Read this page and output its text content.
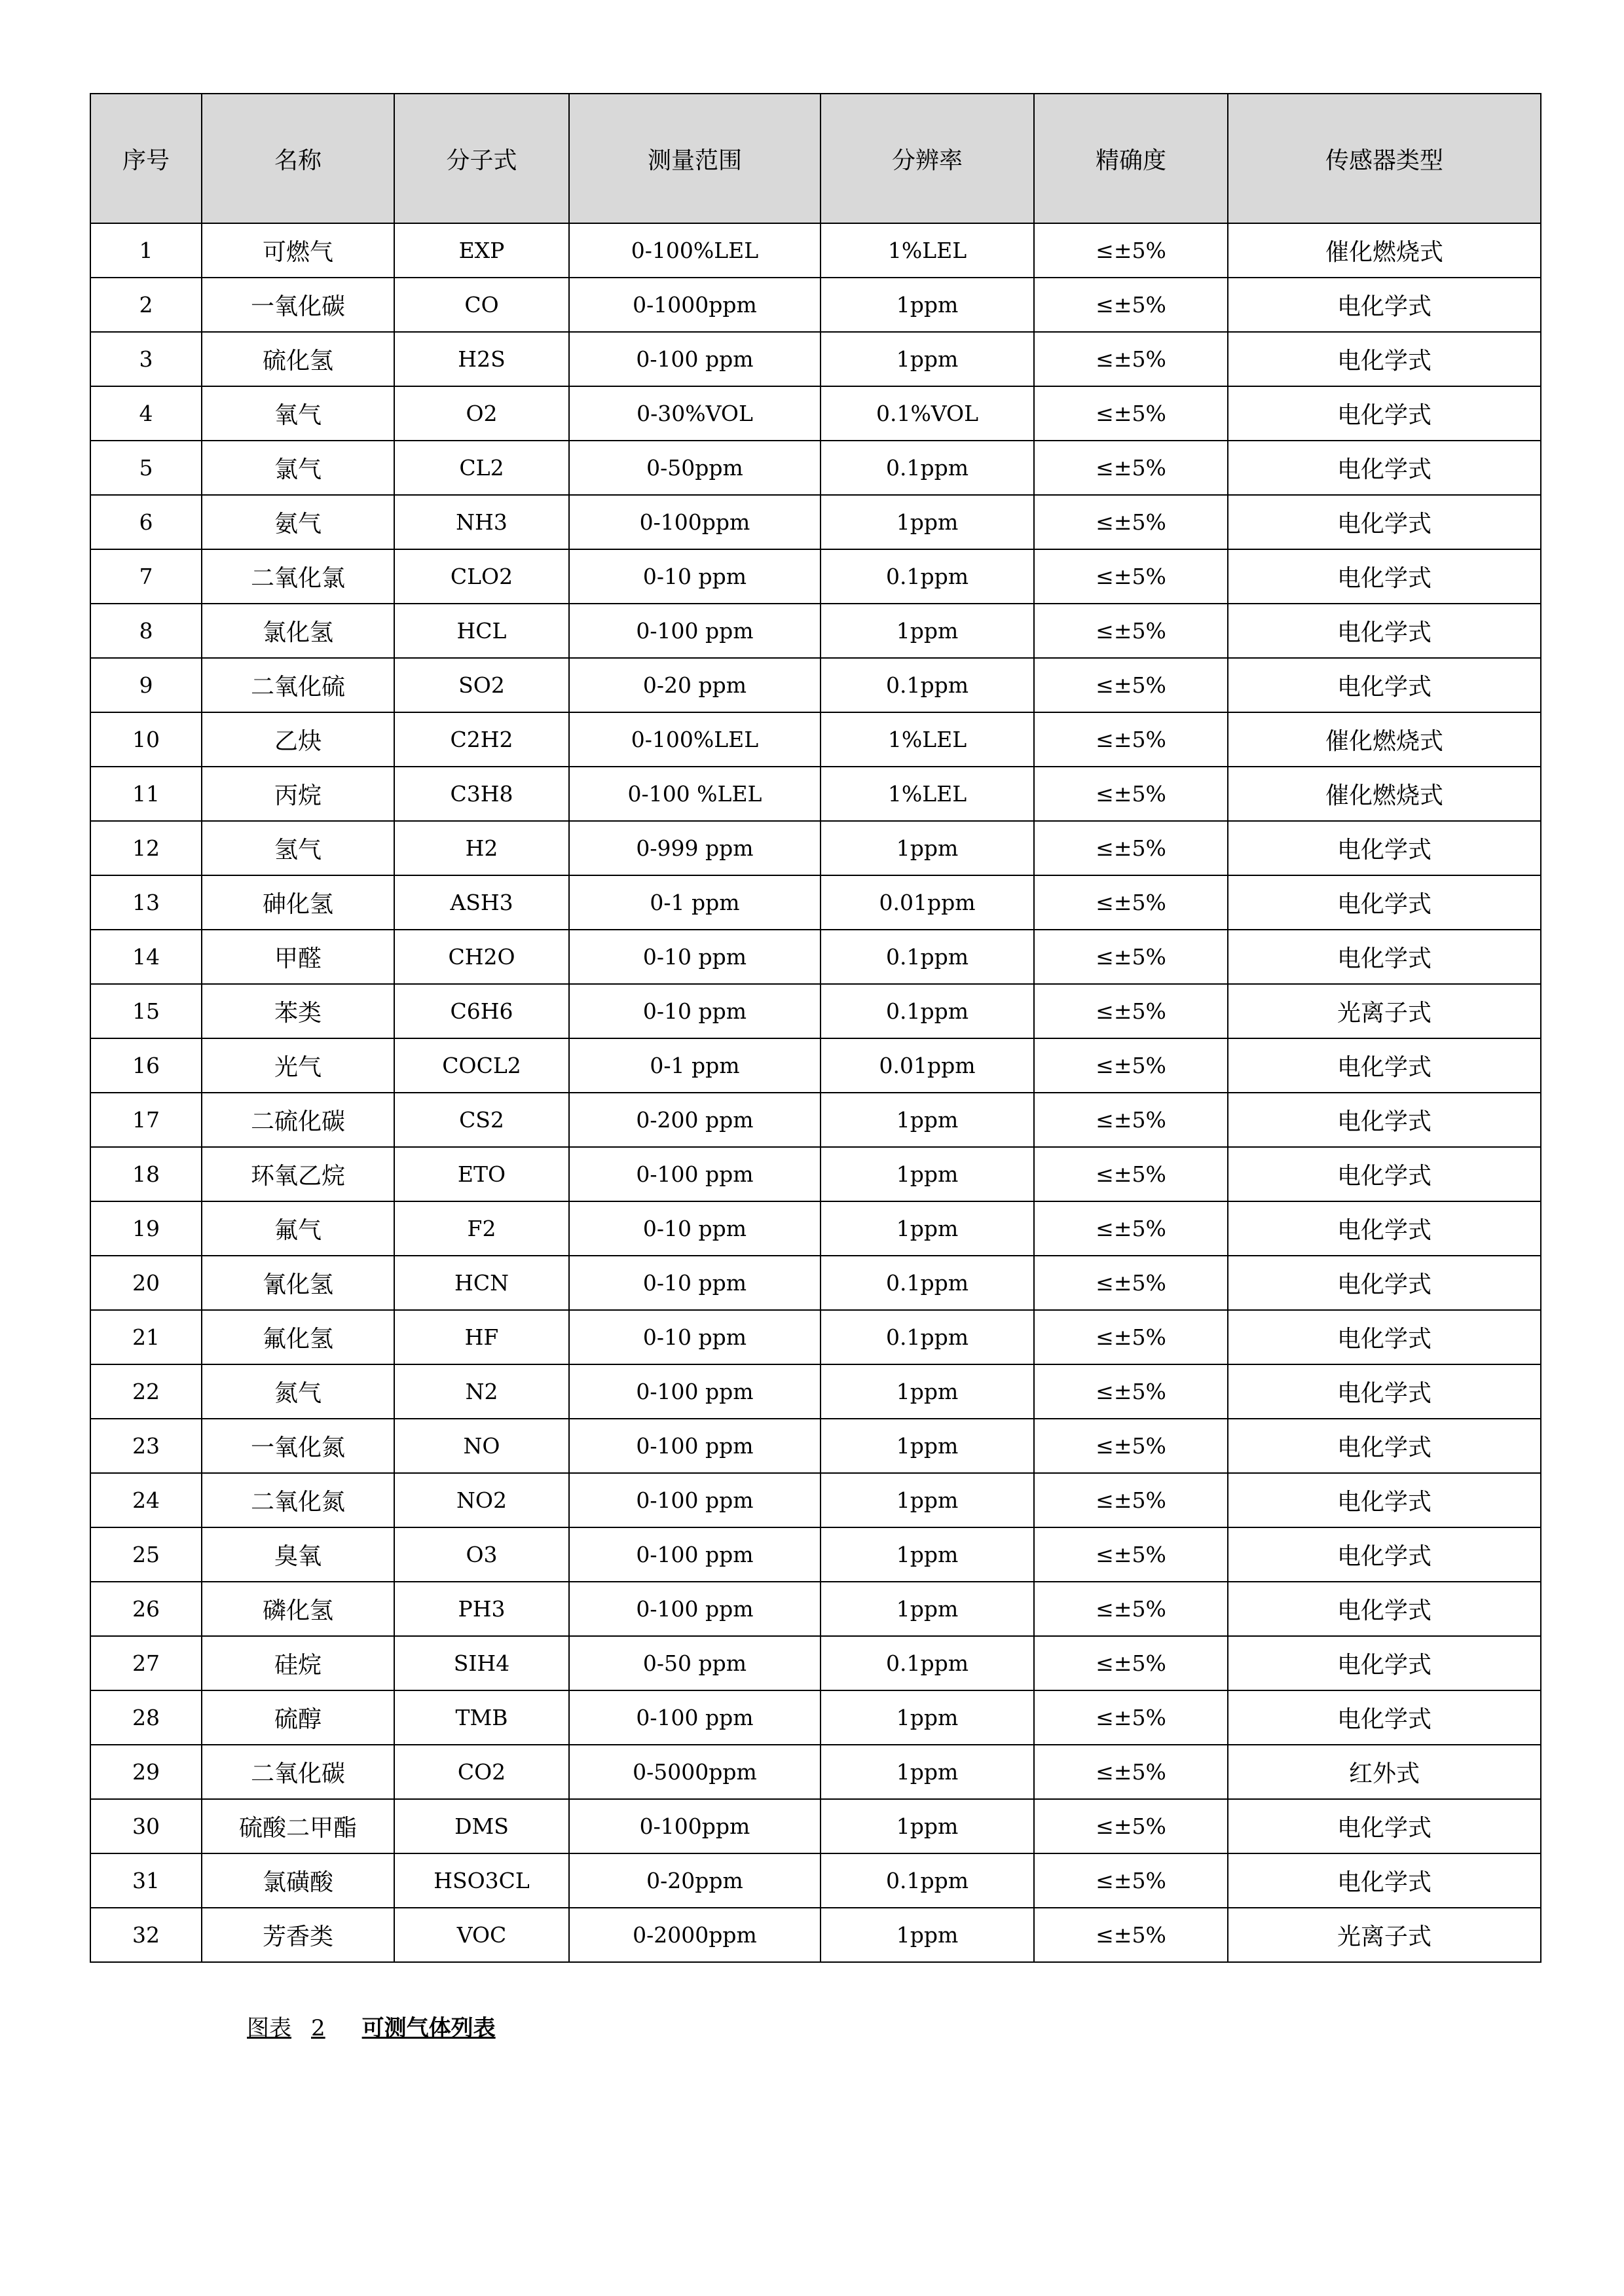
序号	名称	分子式	测量范围	分辨率	精确度	传感器类型
1	可燃气	EXP	0-100%LEL	1%LEL	≤±5%	催化燃烧式
2	一氧化碳	CO	0-1000ppm	1ppm	≤±5%	电化学式
3	硫化氢	H2S	0-100 ppm	1ppm	≤±5%	电化学式
4	氧气	O2	0-30%VOL	0.1%VOL	≤±5%	电化学式
5	氯气	CL2	0-50ppm	0.1ppm	≤±5%	电化学式
6	氨气	NH3	0-100ppm	1ppm	≤±5%	电化学式
7	二氧化氯	CLO2	0-10 ppm	0.1ppm	≤±5%	电化学式
8	氯化氢	HCL	0-100 ppm	1ppm	≤±5%	电化学式
9	二氧化硫	SO2	0-20 ppm	0.1ppm	≤±5%	电化学式
10	乙炔	C2H2	0-100%LEL	1%LEL	≤±5%	催化燃烧式
11	丙烷	C3H8	0-100 %LEL	1%LEL	≤±5%	催化燃烧式
12	氢气	H2	0-999 ppm	1ppm	≤±5%	电化学式
13	砷化氢	ASH3	0-1 ppm	0.01ppm	≤±5%	电化学式
14	甲醛	CH2O	0-10 ppm	0.1ppm	≤±5%	电化学式
15	苯类	C6H6	0-10 ppm	0.1ppm	≤±5%	光离子式
16	光气	COCL2	0-1 ppm	0.01ppm	≤±5%	电化学式
17	二硫化碳	CS2	0-200 ppm	1ppm	≤±5%	电化学式
18	环氧乙烷	ETO	0-100 ppm	1ppm	≤±5%	电化学式
19	氟气	F2	0-10 ppm	1ppm	≤±5%	电化学式
20	氰化氢	HCN	0-10 ppm	0.1ppm	≤±5%	电化学式
21	氟化氢	HF	0-10 ppm	0.1ppm	≤±5%	电化学式
22	氮气	N2	0-100 ppm	1ppm	≤±5%	电化学式
23	一氧化氮	NO	0-100 ppm	1ppm	≤±5%	电化学式
24	二氧化氮	NO2	0-100 ppm	1ppm	≤±5%	电化学式
25	臭氧	O3	0-100 ppm	1ppm	≤±5%	电化学式
26	磷化氢	PH3	0-100 ppm	1ppm	≤±5%	电化学式
27	硅烷	SIH4	0-50 ppm	0.1ppm	≤±5%	电化学式
28	硫醇	TMB	0-100 ppm	1ppm	≤±5%	电化学式
29	二氧化碳	CO2	0-5000ppm	1ppm	≤±5%	红外式
30	硫酸二甲酯	DMS	0-100ppm	1ppm	≤±5%	电化学式
31	氯磺酸	HSO3CL	0-20ppm	0.1ppm	≤±5%	电化学式
32	芳香类	VOC	0-2000ppm	1ppm	≤±5%	光离子式
图表 2 可测气体列表
